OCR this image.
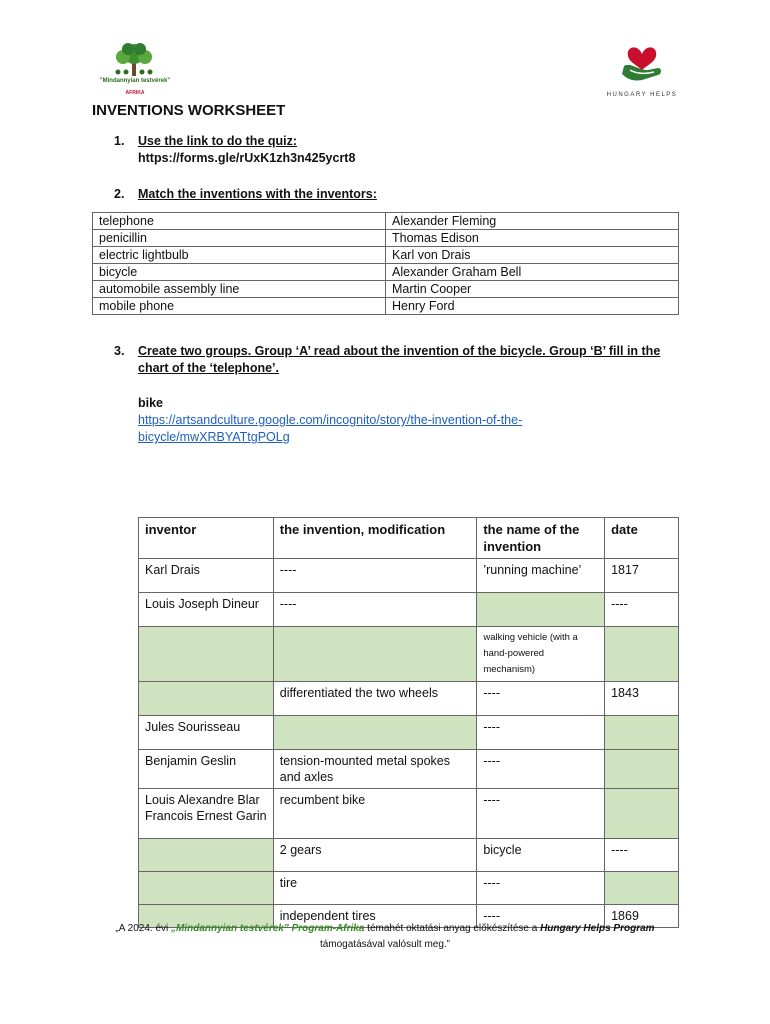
"Mindannyian testvérek"
AFRIKA	HUNGARY HELPS
INVENTIONS WORKSHEET
1. Use the link to do the quiz:
https://forms.gle/rUxK1zh3n425ycrt8
2. Match the inventions with the inventors:
telephone	Alexander Fleming
penicillin	Thomas Edison
electric lightbulb	Karl von Drais
bicycle	Alexander Graham Bell
automobile assembly line	Martin Cooper
mobile phone	Henry Ford
3. Create two groups. Group ‘A’ read about the invention of the bicycle. Group ‘B’ fill in the
chart of the ‘telephone’.
bike
https://artsandculture.google.com/incognito/story/the-invention-of-the-
bicycle/mwXRBYATtgPOLg
inventor	the invention, modification	the name of the invention	date
Karl Drais	----	’running machine’	1817
Louis Joseph Dineur	----		----
		walking vehicle (with a hand-powered mechanism)	
	differentiated the two wheels	----	1843
Jules Sourisseau		----	
Benjamin Geslin	tension-mounted metal spokes and axles	----	
Louis Alexandre Blar Francois Ernest Garin	recumbent bike	----	
	2 gears	bicycle	----
	tire	----	
	independent tires	----	1869
„A 2024. évi „Mindannyian testvérek” Program-Afrika témahét oktatási anyag előkészítése a Hungary Helps Program
támogatásával valósult meg.”
